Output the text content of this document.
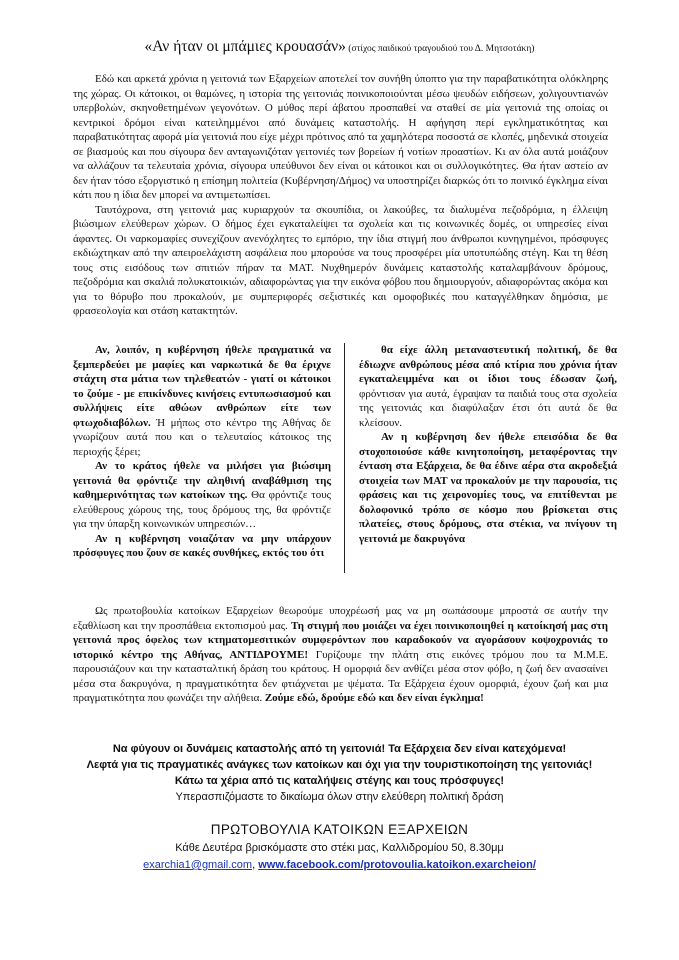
«Αν ήταν οι μπάμιες κρουασάν» (στίχος παιδικού τραγουδιού του Δ. Μητσοτάκη)

Εδώ και αρκετά χρόνια η γειτονιά των Εξαρχείων αποτελεί τον συνήθη ύποπτο για την παραβατικότητα ολόκληρης της χώρας. Οι κάτοικοι, οι θαμώνες, η ιστορία της γειτονιάς ποινικοποιούνται μέσω ψευδών ειδήσεων, χολιγουντιανών υπερβολών, σκηνοθετημένων γεγονότων. Ο μύθος περί άβατου προσπαθεί να σταθεί σε μία γειτονιά της οποίας οι κεντρικοί δρόμοι είναι κατειλημμένοι από δυνάμεις καταστολής. Η αφήγηση περί εγκληματικότητας και παραβατικότητας αφορά μία γειτονιά που είχε μέχρι πρότινος από τα χαμηλότερα ποσοστά σε κλοπές, μηδενικά στοιχεία σε βιασμούς και που σίγουρα δεν ανταγωνιζόταν γειτονιές των βορείων ή νοτίων προαστίων. Κι αν όλα αυτά μοιάζουν να αλλάζουν τα τελευταία χρόνια, σίγουρα υπεύθυνοι δεν είναι οι κάτοικοι και οι συλλογικότητες. Θα ήταν αστείο αν δεν ήταν τόσο εξοργιστικό η επίσημη πολιτεία (Κυβέρνηση/Δήμος) να υποστηρίζει διαρκώς ότι το ποινικό έγκλημα είναι κάτι που η ίδια δεν μπορεί να αντιμετωπίσει.

Ταυτόχρονα, στη γειτονιά μας κυριαρχούν τα σκουπίδια, οι λακούβες, τα διαλυμένα πεζοδρόμια, η έλλειψη βιώσιμων ελεύθερων χώρων. Ο δήμος έχει εγκαταλείψει τα σχολεία και τις κοινωνικές δομές, οι υπηρεσίες είναι άφαντες. Οι ναρκομαφίες συνεχίζουν ανενόχλητες το εμπόριο, την ίδια στιγμή που άνθρωποι κυνηγημένοι, πρόσφυγες εκδιώχτηκαν από την απειροελάχιστη ασφάλεια που μπορούσε να τους προσφέρει μία υποτυπώδης στέγη. Και τη θέση τους στις εισόδους των σπιτιών πήραν τα ΜΑΤ. Νυχθημερόν δυνάμεις καταστολής καταλαμβάνουν δρόμους, πεζοδρόμια και σκαλιά πολυκατοικιών, αδιαφορώντας για την εικόνα φόβου που δημιουργούν, αδιαφορώντας ακόμα και για το θόρυβο που προκαλούν, με συμπεριφορές σεξιστικές και ομοφοβικές που καταγγέλθηκαν δημόσια, με φρασεολογία και στάση κατακτητών.

Αν, λοιπόν, η κυβέρνηση ήθελε πραγματικά να ξεμπερδεύει με μαφίες και ναρκωτικά δε θα έριχνε στάχτη στα μάτια των τηλεθεατών - γιατί οι κάτοικοι το ζούμε - με επικίνδυνες κινήσεις εντυπωσιασμού και συλλήψεις είτε αθώων ανθρώπων είτε των φτωχοδιαβόλων. Ή μήπως στο κέντρο της Αθήνας δε γνωρίζουν αυτά που και ο τελευταίος κάτοικος της περιοχής ξέρει;

Αν το κράτος ήθελε να μιλήσει για βιώσιμη γειτονιά θα φρόντιζε την αληθινή αναβάθμιση της καθημερινότητας των κατοίκων της. Θα φρόντιζε τους ελεύθερους χώρους της, τους δρόμους της, θα φρόντιζε για την ύπαρξη κοινωνικών υπηρεσιών…

Αν η κυβέρνηση νοιαζόταν να μην υπάρχουν πρόσφυγες που ζουν σε κακές συνθήκες, εκτός του ότι

θα είχε άλλη μεταναστευτική πολιτική, δε θα έδιωχνε ανθρώπους μέσα από κτίρια που χρόνια ήταν εγκαταλειμμένα και οι ίδιοι τους έδωσαν ζωή, φρόντισαν για αυτά, έγραψαν τα παιδιά τους στα σχολεία της γειτονιάς και διαφύλαξαν έτσι ότι αυτά δε θα κλείσουν.

Αν η κυβέρνηση δεν ήθελε επεισόδια δε θα στοχοποιούσε κάθε κινητοποίηση, μεταφέροντας την ένταση στα Εξάρχεια, δε θα έδινε αέρα στα ακροδεξιά στοιχεία των ΜΑΤ να προκαλούν με την παρουσία, τις φράσεις και τις χειρονομίες τους, να επιτίθενται με δολοφονικό τρόπο σε κόσμο που βρίσκεται στις πλατείες, στους δρόμους, στα στέκια, να πνίγουν τη γειτονιά με δακρυγόνα

Ως πρωτοβουλία κατοίκων Εξαρχείων θεωρούμε υποχρέωσή μας να μη σωπάσουμε μπροστά σε αυτήν την εξαθλίωση και την προσπάθεια εκτοπισμού μας. Τη στιγμή που μοιάζει να έχει ποινικοποιηθεί η κατοίκησή μας στη γειτονιά προς όφελος των κτηματομεσιτικών συμφερόντων που καραδοκούν να αγοράσουν κοψοχρονιάς το ιστορικό κέντρο της Αθήνας, ΑΝΤΙΔΡΟΥΜΕ! Γυρίζουμε την πλάτη στις εικόνες τρόμου που τα Μ.Μ.Ε. παρουσιάζουν και την κατασταλτική δράση του κράτους. Η ομορφιά δεν ανθίζει μέσα στον φόβο, η ζωή δεν ανασαίνει μέσα στα δακρυγόνα, η πραγματικότητα δεν φτιάχνεται με ψέματα. Τα Εξάρχεια έχουν ομορφιά, έχουν ζωή και μια πραγματικότητα που φωνάζει την αλήθεια. Ζούμε εδώ, δρούμε εδώ και δεν είναι έγκλημα!

Να φύγουν οι δυνάμεις καταστολής από τη γειτονιά! Τα Εξάρχεια δεν είναι κατεχόμενα!
Λεφτά για τις πραγματικές ανάγκες των κατοίκων και όχι για την τουριστικοποίηση της γειτονιάς!
Κάτω τα χέρια από τις καταλήψεις στέγης και τους πρόσφυγες!
Υπερασπιζόμαστε το δικαίωμα όλων στην ελεύθερη πολιτική δράση
ΠΡΩΤΟΒΟΥΛΙΑ ΚΑΤΟΙΚΩΝ ΕΞΑΡΧΕΙΩΝ
Κάθε Δευτέρα βρισκόμαστε στο στέκι μας, Καλλιδρομίου 50, 8.30μμ
exarchia1@gmail.com, www.facebook.com/protovoulia.katoikon.exarcheion/
